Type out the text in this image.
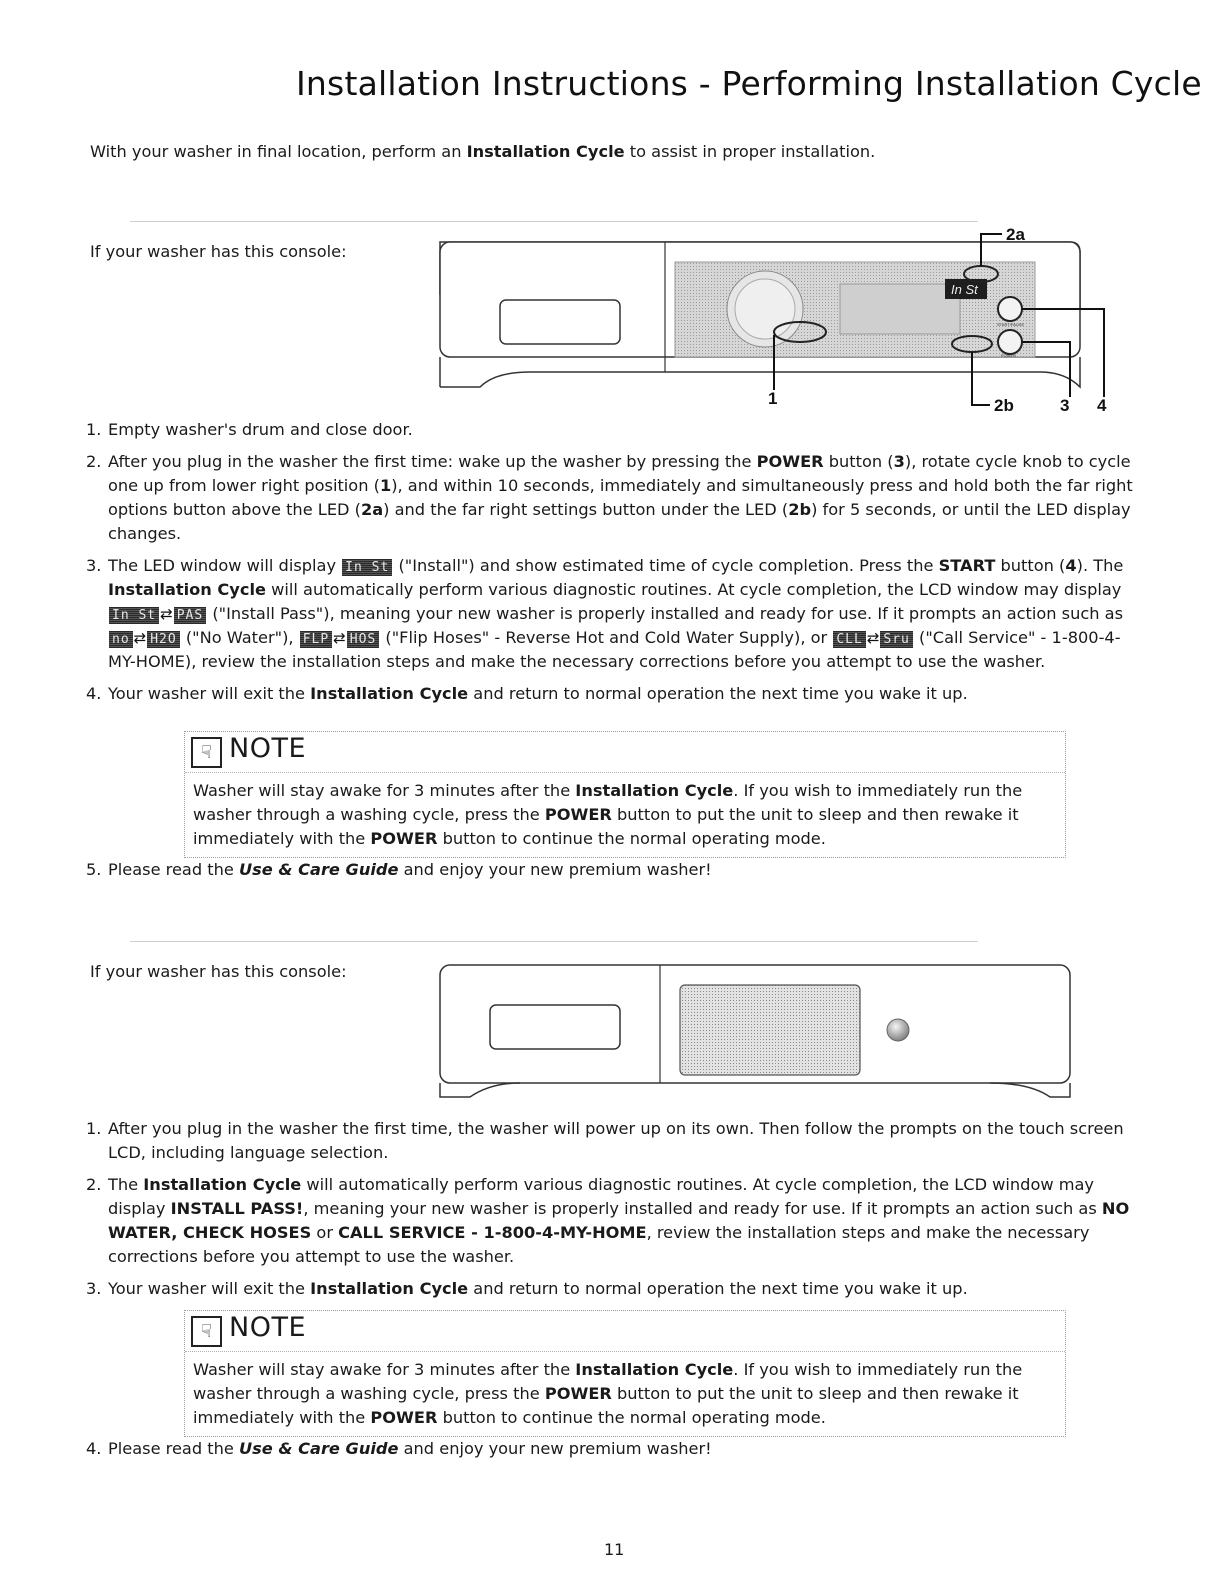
Installation Instructions - Performing Installation Cycle
With your washer in final location, perform an Installation Cycle to assist in proper installation.
If your washer has this console:
In St
START/PAUSE
POWER
2a
1	2b	3 4
1. Empty washer's drum and close door.
2. After you plug in the washer the first time: wake up the washer by pressing the POWER button (3), rotate cycle knob to cycle one up from lower right position (1), and within 10 seconds, immediately and simultaneously press and hold both the far right options button above the LED (2a) and the far right settings button under the LED (2b) for 5 seconds, or until the LED display changes.
3. The LED window will display In St ("Install") and show estimated time of cycle completion. Press the START button (4). The Installation Cycle will automatically perform various diagnostic routines. At cycle completion, the LCD window may display In St ⇄ PAS ("Install Pass"), meaning your new washer is properly installed and ready for use. If it prompts an action such as no ⇄ H2O ("No Water"), FLP ⇄ HOS ("Flip Hoses" - Reverse Hot and Cold Water Supply), or CLL ⇄ Sru ("Call Service" - 1-800-4-MY-HOME), review the installation steps and make the necessary corrections before you attempt to use the washer.
4. Your washer will exit the Installation Cycle and return to normal operation the next time you wake it up.
☟ NOTE
Washer will stay awake for 3 minutes after the Installation Cycle. If you wish to immediately run the washer through a washing cycle, press the POWER button to put the unit to sleep and then rewake it immediately with the POWER button to continue the normal operating mode.
5. Please read the Use & Care Guide and enjoy your new premium washer!
If your washer has this console:
1. After you plug in the washer the first time, the washer will power up on its own. Then follow the prompts on the touch screen LCD, including language selection.
2. The Installation Cycle will automatically perform various diagnostic routines. At cycle completion, the LCD window may display INSTALL PASS!, meaning your new washer is properly installed and ready for use. If it prompts an action such as NO WATER, CHECK HOSES or CALL SERVICE - 1-800-4-MY-HOME, review the installation steps and make the necessary corrections before you attempt to use the washer.
3. Your washer will exit the Installation Cycle and return to normal operation the next time you wake it up.
☟ NOTE
Washer will stay awake for 3 minutes after the Installation Cycle. If you wish to immediately run the washer through a washing cycle, press the POWER button to put the unit to sleep and then rewake it immediately with the POWER button to continue the normal operating mode.
4. Please read the Use & Care Guide and enjoy your new premium washer!
11
